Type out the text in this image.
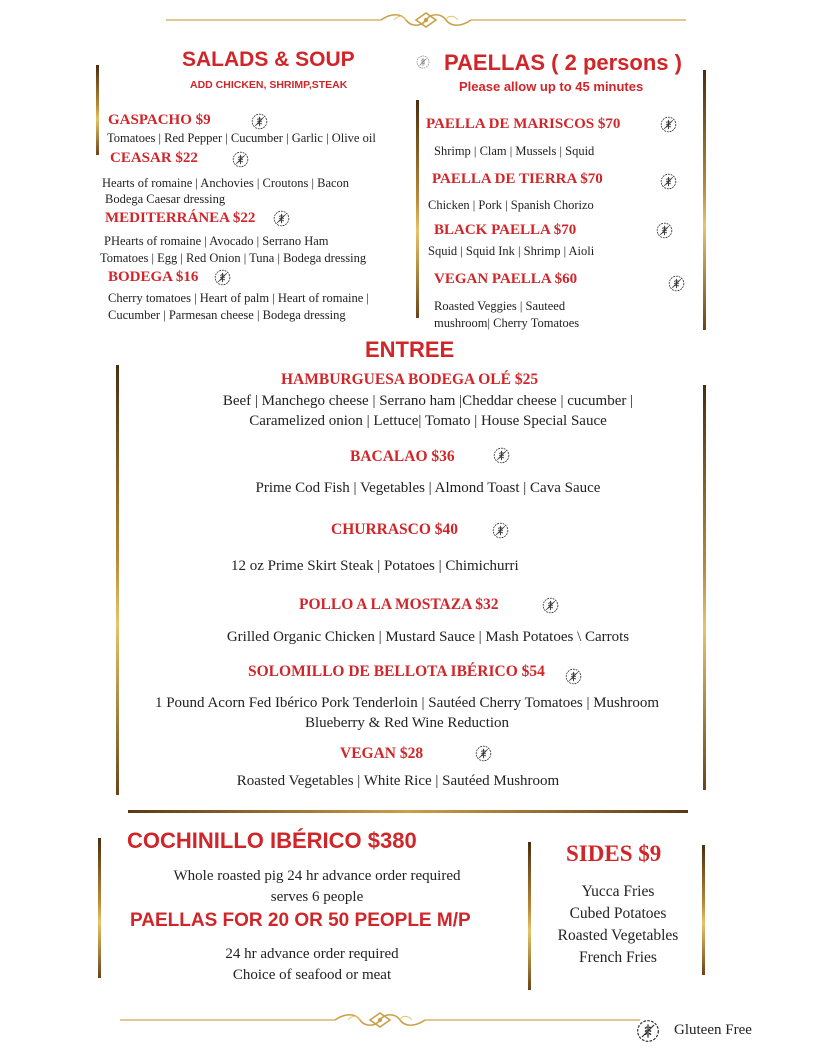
SALADS & SOUP
ADD CHICKEN, SHRIMP,STEAK
GASPACHO $9
Tomatoes | Red Pepper | Cucumber | Garlic | Olive oil
CEASAR $22
Hearts of romaine | Anchovies | Croutons | Bacon
Bodega Caesar dressing
MEDITERRÁNEA $22
PHearts of romaine | Avocado | Serrano Ham
Tomatoes | Egg | Red Onion | Tuna | Bodega dressing
BODEGA $16
Cherry tomatoes | Heart of palm | Heart of romaine |
Cucumber | Parmesan cheese | Bodega dressing
PAELLAS ( 2 persons )
Please allow up to 45 minutes
PAELLA DE MARISCOS $70
Shrimp | Clam | Mussels | Squid
PAELLA DE TIERRA $70
Chicken | Pork | Spanish Chorizo
BLACK PAELLA $70
Squid | Squid Ink | Shrimp | Aioli
VEGAN PAELLA $60
Roasted Veggies | Sauteed
mushroom| Cherry Tomatoes
ENTREE
HAMBURGUESA BODEGA OLÉ $25
Beef | Manchego cheese | Serrano ham |Cheddar cheese | cucumber |
Caramelized onion | Lettuce| Tomato | House Special Sauce
BACALAO $36
Prime Cod Fish | Vegetables | Almond Toast | Cava Sauce
CHURRASCO $40
12 oz Prime Skirt Steak | Potatoes | Chimichurri
POLLO A LA MOSTAZA $32
Grilled Organic Chicken | Mustard Sauce | Mash Potatoes \ Carrots
SOLOMILLO DE BELLOTA IBÉRICO $54
1 Pound Acorn Fed Ibérico Pork Tenderloin | Sautéed Cherry Tomatoes | Mushroom
Blueberry & Red Wine Reduction
VEGAN $28
Roasted Vegetables | White Rice | Sautéed Mushroom
COCHINILLO IBÉRICO $380
Whole roasted pig 24 hr advance order required
serves 6 people
PAELLAS FOR 20 OR 50 PEOPLE M/P
24 hr advance order required
Choice of seafood or meat
SIDES $9
Yucca Fries
Cubed Potatoes
Roasted Vegetables
French Fries
Gluteen Free
